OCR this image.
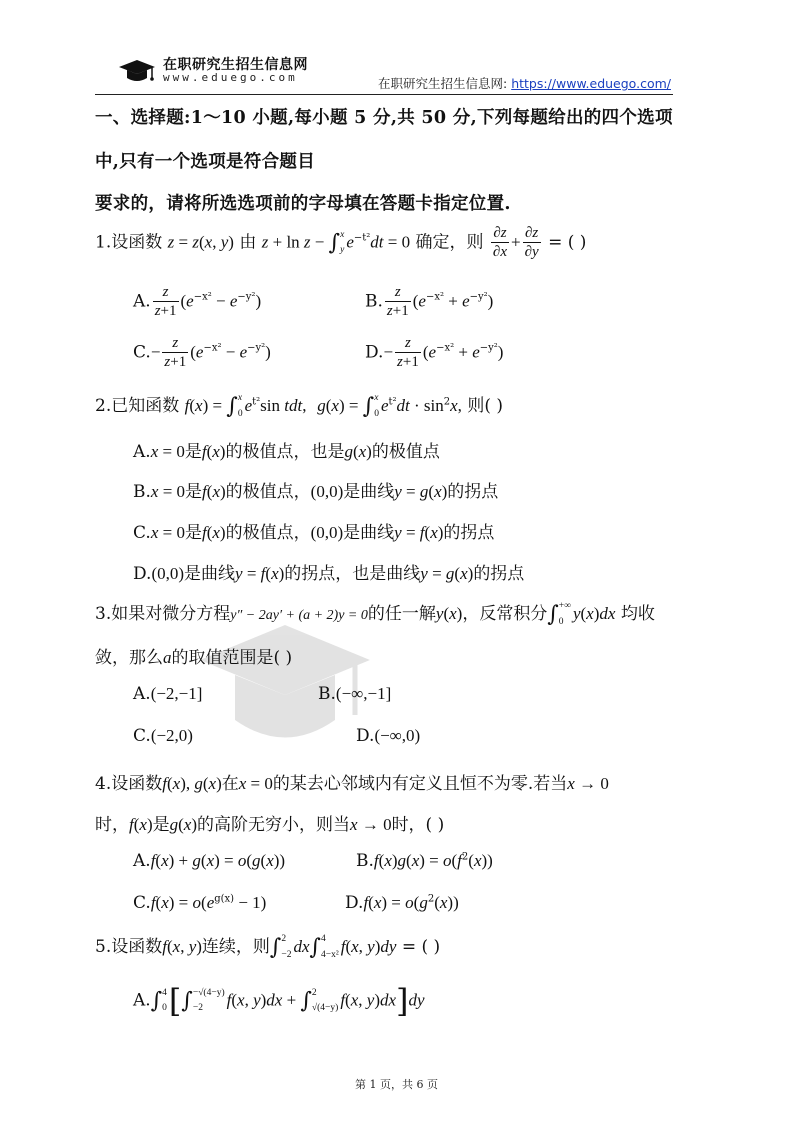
在职研究生招生信息网
www.eduego.com	在职研究生招生信息网: https://www.eduego.com/
一、选择题:1～10 小题,每小题 5 分,共 50 分,下列每题给出的四个选项
中,只有一个选项是符合题目
要求的，请将所选选项前的字母填在答题卡指定位置.
1.设函数 z = z(x, y) 由 z + ln z − ∫ x
y $e^{-t^2}dt = 0$ 确定，则 $\frac{\partial z}{\partial x} + \frac{\partial z}{\partial y}$ = ( )
A. $\frac{z}{z+1} (e^{-x^2} - e^{-y^2})$	B. $\frac{z}{z+1} (e^{-x^2} + e^{-y^2})$
$C.- \frac{z}{z+1} (e^{-x^2} - e^{-y^2})$	$D.- \frac{z}{z+1} (e^{-x^2} + e^{-y^2})$
2.已知函数 f(x) = ∫ x
0 $e^{t^2}\sin$ tdt, g(x) = ∫ x
0 $e^{t^2}dt \cdot \sin^2x$, 则( )
A.x = 0是f(x)的极值点，也是g(x)的极值点
B.x = 0是f(x)的极值点，(0,0)是曲线y = g(x)的拐点
C.x = 0是f(x)的极值点，(0,0)是曲线y = f(x)的拐点
D.(0,0)是曲线y = f(x)的拐点，也是曲线y = g(x)的拐点
3.如果对微分方程y″ − 2ay′ + (a + 2)y = 0的任一解y(x)，反常积分∫ +∞
0 y(x)dx 均收
敛，那么a的取值范围是( )
A.(−2,−1]	B.(−∞,−1]
C.(−2,0)	D.(−∞,0)
4.设函数f(x), g(x)在x = 0的某去心邻域内有定义且恒不为零.若当x → 0
时，f(x)是g(x)的高阶无穷小，则当x → 0时，( )
A.f(x) + g(x) = o(g(x))	$B.f(x)g(x) = o(f^2(x))$
$C.f(x) = o(e^{g(x)} - 1)$	$D.f(x) = o(g^2(x))$
5.设函数f(x, y)连续，则∫ 2
−2 dx∫ 4
4−x² f(x, y)dy = ( )
A.∫ 4
0 [∫ −√(4−y)
−2	f(x, y)dx + ∫ 2
√(4−y) f(x, y)dx]dy
第 1 页，共 6 页
